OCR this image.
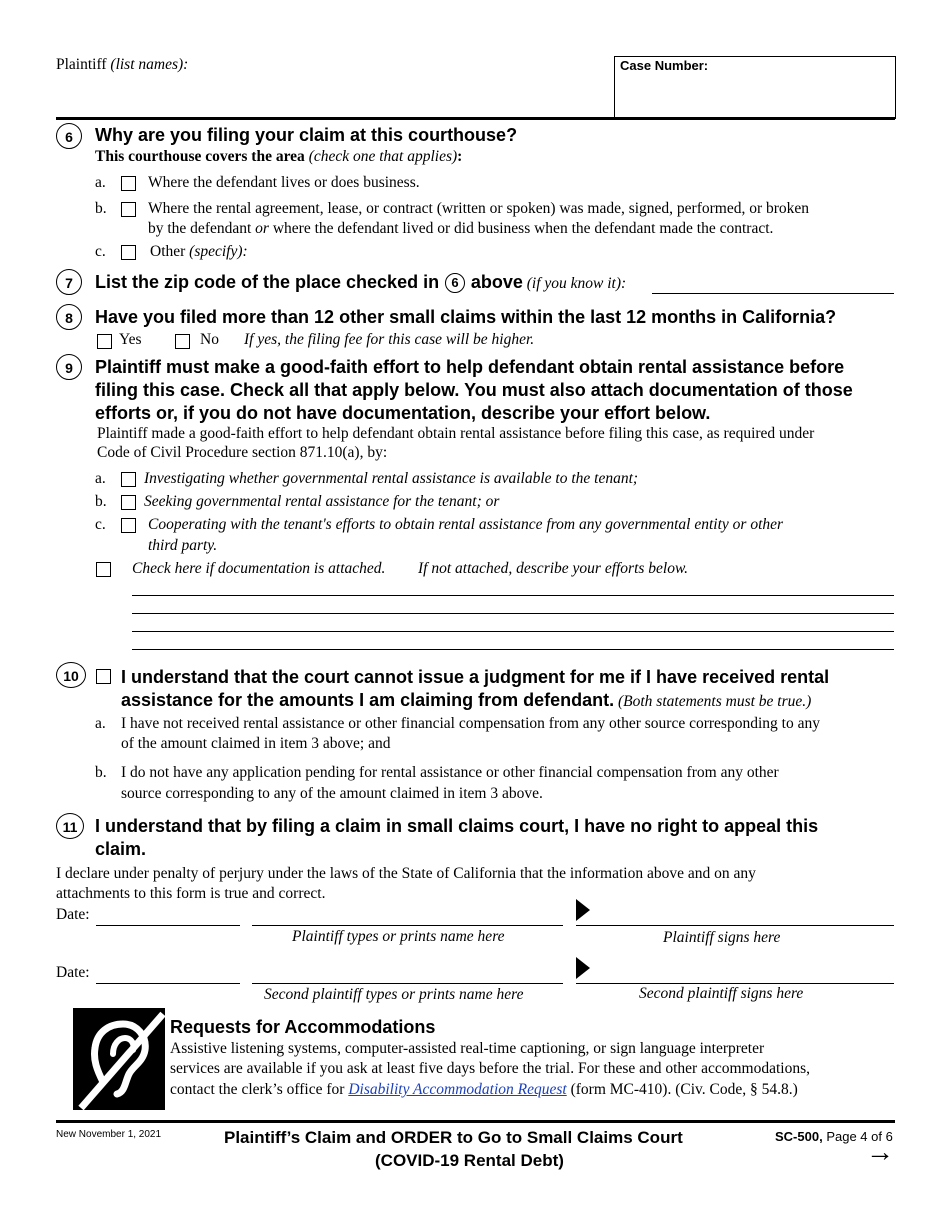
Plaintiff (list names):	Case Number:
6	Why are you filing your claim at this courthouse?
This courthouse covers the area (check one that applies):
a.	Where the defendant lives or does business.
b.	Where the rental agreement, lease, or contract (written or spoken) was made, signed, performed, or broken
by the defendant or where the defendant lived or did business when the defendant made the contract.
c.	Other (specify):
7	List the zip code of the place checked in 6 above (if you know it):
8	Have you filed more than 12 other small claims within the last 12 months in California?
Yes	No If yes, the filing fee for this case will be higher.
9	Plaintiff must make a good-faith effort to help defendant obtain rental assistance before
filing this case. Check all that apply below. You must also attach documentation of those
efforts or, if you do not have documentation, describe your effort below.
Plaintiff made a good-faith effort to help defendant obtain rental assistance before filing this case, as required under
Code of Civil Procedure section 871.10(a), by:
a. Investigating whether governmental rental assistance is available to the tenant;
b. Seeking governmental rental assistance for the tenant; or
c.	Cooperating with the tenant's efforts to obtain rental assistance from any governmental entity or other
third party.
Check here if documentation is attached. If not attached, describe your efforts below.
10	I understand that the court cannot issue a judgment for me if I have received rental
assistance for the amounts I am claiming from defendant. (Both statements must be true.)
a. I have not received rental assistance or other financial compensation from any other source corresponding to any
of the amount claimed in item 3 above; and
b. I do not have any application pending for rental assistance or other financial compensation from any other
source corresponding to any of the amount claimed in item 3 above.
11 I understand that by filing a claim in small claims court, I have no right to appeal this
claim.
I declare under penalty of perjury under the laws of the State of California that the information above and on any
attachments to this form is true and correct.
Date:
Plaintiff types or prints name here	Plaintiff signs here
Date:
Second plaintiff types or prints name here	Second plaintiff signs here
Requests for Accommodations
Assistive listening systems, computer-assisted real-time captioning, or sign language interpreter
services are available if you ask at least five days before the trial. For these and other accommodations,
contact the clerk’s office for Disability Accommodation Request (form MC-410). (Civ. Code, § 54.8.)
New November 1, 2021	Plaintiff’s Claim and ORDER to Go to Small Claims Court
(COVID-19 Rental Debt)
SC-500, Page 4 of 6
→
